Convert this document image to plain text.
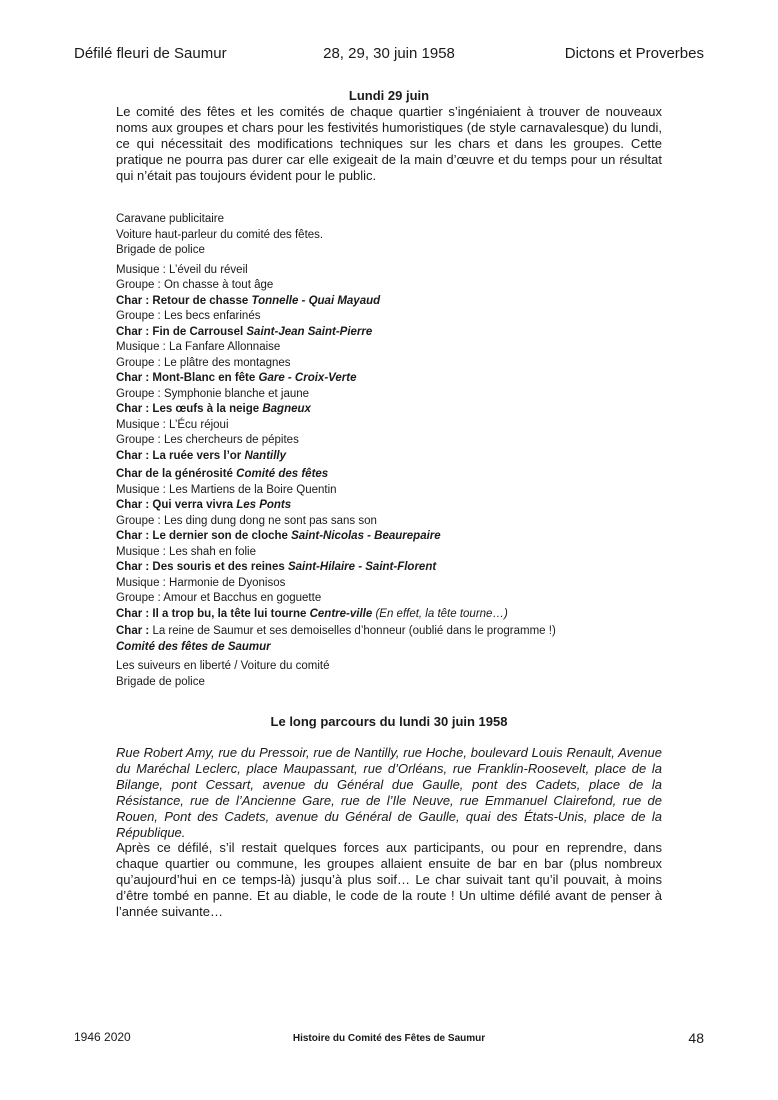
Défilé fleuri de Saumur	28, 29, 30 juin 1958	Dictons et Proverbes
Lundi 29 juin
Le comité des fêtes et les comités de chaque quartier s’ingéniaient à trouver de nouveaux noms aux groupes et chars pour les festivités humoristiques (de style carnavalesque) du lundi, ce qui nécessitait des modifications techniques sur les chars et dans les groupes. Cette pratique ne pourra pas durer car elle exigeait de la main d’œuvre et du temps pour un résultat qui n’était pas toujours évident pour le public.
Caravane publicitaire
Voiture haut-parleur du comité des fêtes.
Brigade de police
Musique : L’éveil du réveil
Groupe : On chasse à tout âge
Char : Retour de chasse Tonnelle - Quai Mayaud
Groupe : Les becs enfarinés
Char : Fin de Carrousel Saint-Jean Saint-Pierre
Musique : La Fanfare Allonnaise
Groupe : Le plâtre des montagnes
Char : Mont-Blanc en fête Gare - Croix-Verte
Groupe : Symphonie blanche et jaune
Char : Les œufs à la neige Bagneux
Musique : L’Écu réjoui
Groupe : Les chercheurs de pépites
Char : La ruée vers l’or Nantilly
Char de la générosité Comité des fêtes
Musique : Les Martiens de la Boire Quentin
Char : Qui verra vivra Les Ponts
Groupe : Les ding dung dong ne sont pas sans son
Char : Le dernier son de cloche Saint-Nicolas - Beaurepaire
Musique : Les shah en folie
Char : Des souris et des reines Saint-Hilaire - Saint-Florent
Musique : Harmonie de Dyonisos
Groupe : Amour et Bacchus en goguette
Char : Il a trop bu, la tête lui tourne Centre-ville (En effet, la tête tourne…)
Char : La reine de Saumur et ses demoiselles d’honneur (oublié dans le programme !)
Comité des fêtes de Saumur
Les suiveurs en liberté / Voiture du comité
Brigade de police
Le long parcours du lundi 30 juin 1958
Rue Robert Amy, rue du Pressoir, rue de Nantilly, rue Hoche, boulevard Louis Renault, Avenue du Maréchal Leclerc, place Maupassant, rue d’Orléans, rue Franklin-Roosevelt, place de la Bilange, pont Cessart, avenue du Général due Gaulle, pont des Cadets, place de la Résistance, rue de l’Ancienne Gare, rue de l’Ile Neuve, rue Emmanuel Clairefond, rue de Rouen, Pont des Cadets, avenue du Général de Gaulle, quai des États-Unis, place de la République.
Après ce défilé, s’il restait quelques forces aux participants, ou pour en reprendre, dans chaque quartier ou commune, les groupes allaient ensuite de bar en bar (plus nombreux qu’aujourd’hui en ce temps-là) jusqu’à plus soif… Le char suivait tant qu’il pouvait, à moins d’être tombé en panne. Et au diable, le code de la route ! Un ultime défilé avant de penser à l’année suivante…
1946 2020	Histoire du Comité des Fêtes de Saumur	48
